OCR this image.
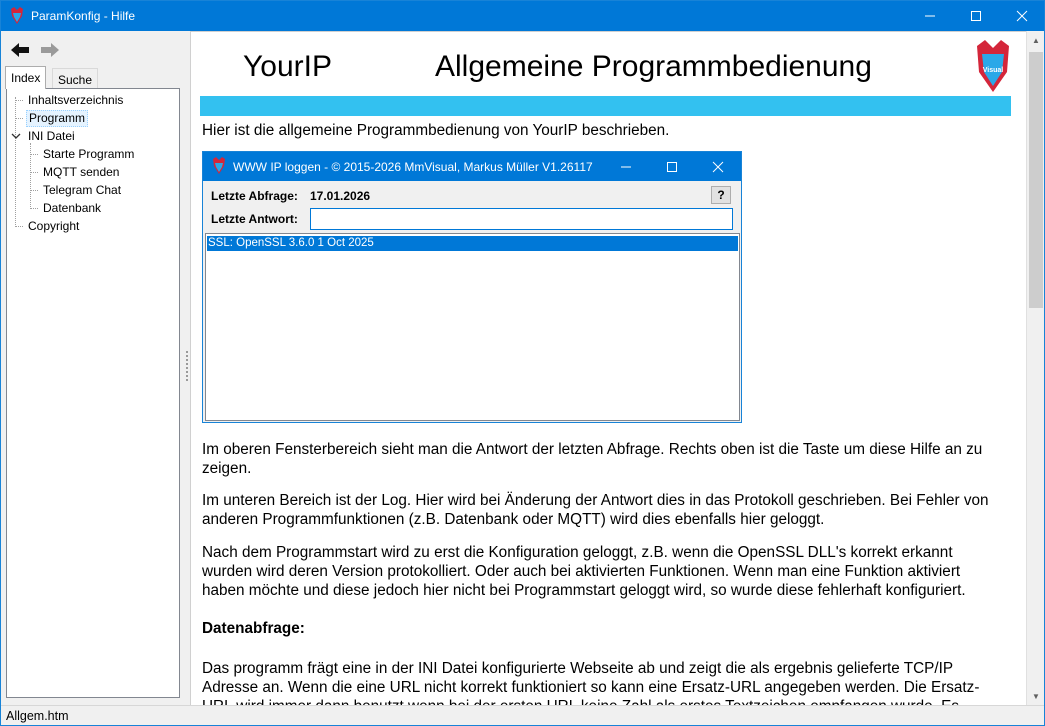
ParamKonfig - Hilfe
Index	Suche
Inhaltsverzeichnis
Programm
INI Datei
Starte Programm
MQTT senden
Telegram Chat
Datenbank
Copyright
YourIP	Allgemeine Programmbedienung	Visual
Hier ist die allgemeine Programmbedienung von YourIP beschrieben.
WWW IP loggen - © 2015-2026 MmVisual, Markus Müller V1.26117
Letzte Abfrage: 17.01.2026	?
Letzte Antwort:
SSL: OpenSSL 3.6.0 1 Oct 2025
Im oberen Fensterbereich sieht man die Antwort der letzten Abfrage. Rechts oben ist die Taste um diese Hilfe an zu zeigen.
Im unteren Bereich ist der Log. Hier wird bei Änderung der Antwort dies in das Protokoll geschrieben. Bei Fehler von anderen Programmfunktionen (z.B. Datenbank oder MQTT) wird dies ebenfalls hier geloggt.
Nach dem Programmstart wird zu erst die Konfiguration geloggt, z.B. wenn die OpenSSL DLL's korrekt erkannt wurden wird deren Version protokolliert. Oder auch bei aktivierten Funktionen. Wenn man eine Funktion aktiviert haben möchte und diese jedoch hier nicht bei Programmstart geloggt wird, so wurde diese fehlerhaft konfiguriert.
Datenabfrage:
Das programm frägt eine in der INI Datei konfigurierte Webseite ab und zeigt die als ergebnis gelieferte TCP/IP Adresse an. Wenn die eine URL nicht korrekt funktioniert so kann eine Ersatz-URL angegeben werden. Die Ersatz-
▲
▼
Allgem.htm
